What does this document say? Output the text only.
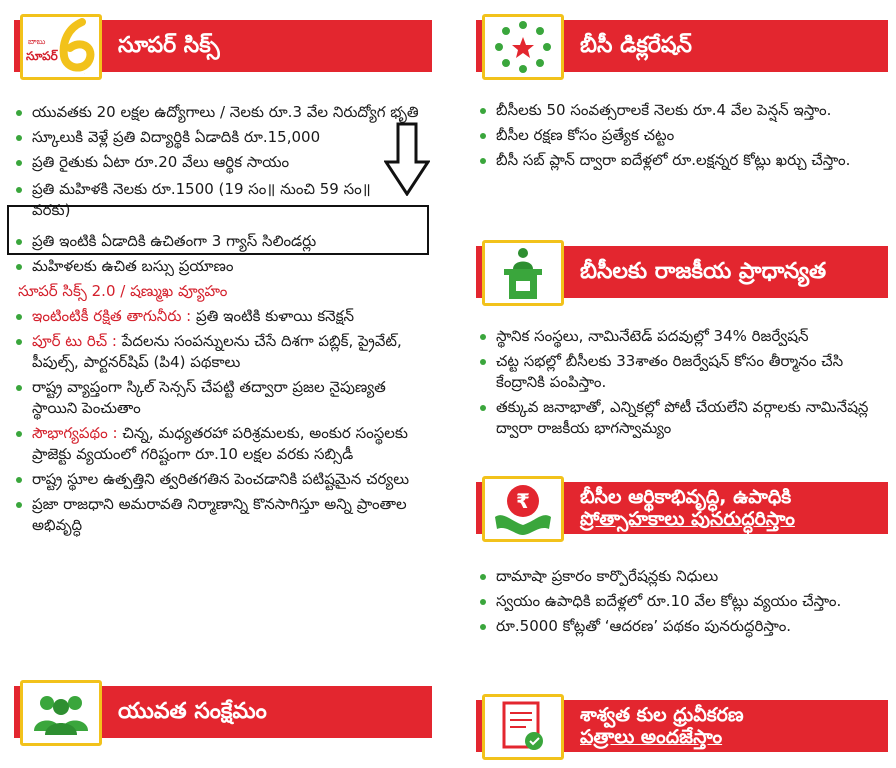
బాబు
సూపర్
6
సూపర్ సిక్స్
యువతకు 20 లక్షల ఉద్యోగాలు / నెలకు రూ.3 వేల నిరుద్యోగ భృతి
స్కూలుకి వెళ్లే ప్రతి విద్యార్థికి ఏడాదికి రూ.15,000
ప్రతి రైతుకు ఏటా రూ.20 వేలు ఆర్థిక సాయం
ప్రతి మహిళకి నెలకు రూ.1500 (19 సం॥ నుంచి 59 సం॥ వరకు)
ప్రతి ఇంటికి ఏడాదికి ఉచితంగా 3 గ్యాస్ సిలిండర్లు
మహిళలకు ఉచిత బస్సు ప్రయాణం
సూపర్ సిక్స్ 2.0 / షణ్ముఖ వ్యూహం
ఇంటింటికీ రక్షిత తాగునీరు : ప్రతి ఇంటికి కుళాయి కనెక్షన్
పూర్ టు రిచ్ : పేదలను సంపన్నులను చేసే దిశగా పబ్లిక్, ప్రైవేట్, పీపుల్స్, పార్టనర్‌షిప్ (పి4) పథకాలు
రాష్ట్ర వ్యాప్తంగా స్కిల్ సెన్సస్ చేపట్టి తద్వారా ప్రజల నైపుణ్యత స్థాయిని పెంచుతాం
సౌభాగ్యపథం : చిన్న, మధ్యతరహా పరిశ్రమలకు, అంకుర సంస్థలకు ప్రాజెక్టు వ్యయంలో గరిష్టంగా రూ.10 లక్షల వరకు సబ్సిడీ
రాష్ట్ర స్థూల ఉత్పత్తిని త్వరితగతిన పెంచడానికి పటిష్టమైన చర్యలు
ప్రజా రాజధాని అమరావతి నిర్మాణాన్ని కొనసాగిస్తూ అన్ని ప్రాంతాల అభివృద్ధి
యువత సంక్షేమం
బీసీ డిక్లరేషన్
బీసీలకు 50 సంవత్సరాలకే నెలకు రూ.4 వేల పెన్షన్ ఇస్తాం.
బీసీల రక్షణ కోసం ప్రత్యేక చట్టం
బీసీ సబ్ ప్లాన్ ద్వారా ఐదేళ్లలో రూ.లక్షన్నర కోట్లు ఖర్చు చేస్తాం.
బీసీలకు రాజకీయ ప్రాధాన్యత
స్థానిక సంస్థలు, నామినేటెడ్ పదవుల్లో 34% రిజర్వేషన్
చట్ట సభల్లో బీసీలకు 33శాతం రిజర్వేషన్ కోసం తీర్మానం చేసి కేంద్రానికి పంపిస్తాం.
తక్కువ జనాభాతో, ఎన్నికల్లో పోటీ చేయలేని వర్గాలకు నామినేషన్ల ద్వారా రాజకీయ భాగస్వామ్యం
₹	బీసీల ఆర్థికాభివృద్ధి, ఉపాధికి
ప్రోత్సాహకాలు పునరుద్ధరిస్తాం
దామాషా ప్రకారం కార్పొరేషన్లకు నిధులు
స్వయం ఉపాధికి ఐదేళ్లలో రూ.10 వేల కోట్లు వ్యయం చేస్తాం.
రూ.5000 కోట్లతో ‘ఆదరణ’ పథకం పునరుద్ధరిస్తాం.
శాశ్వత కుల ధ్రువీకరణ
పత్రాలు అందజేస్తాం
